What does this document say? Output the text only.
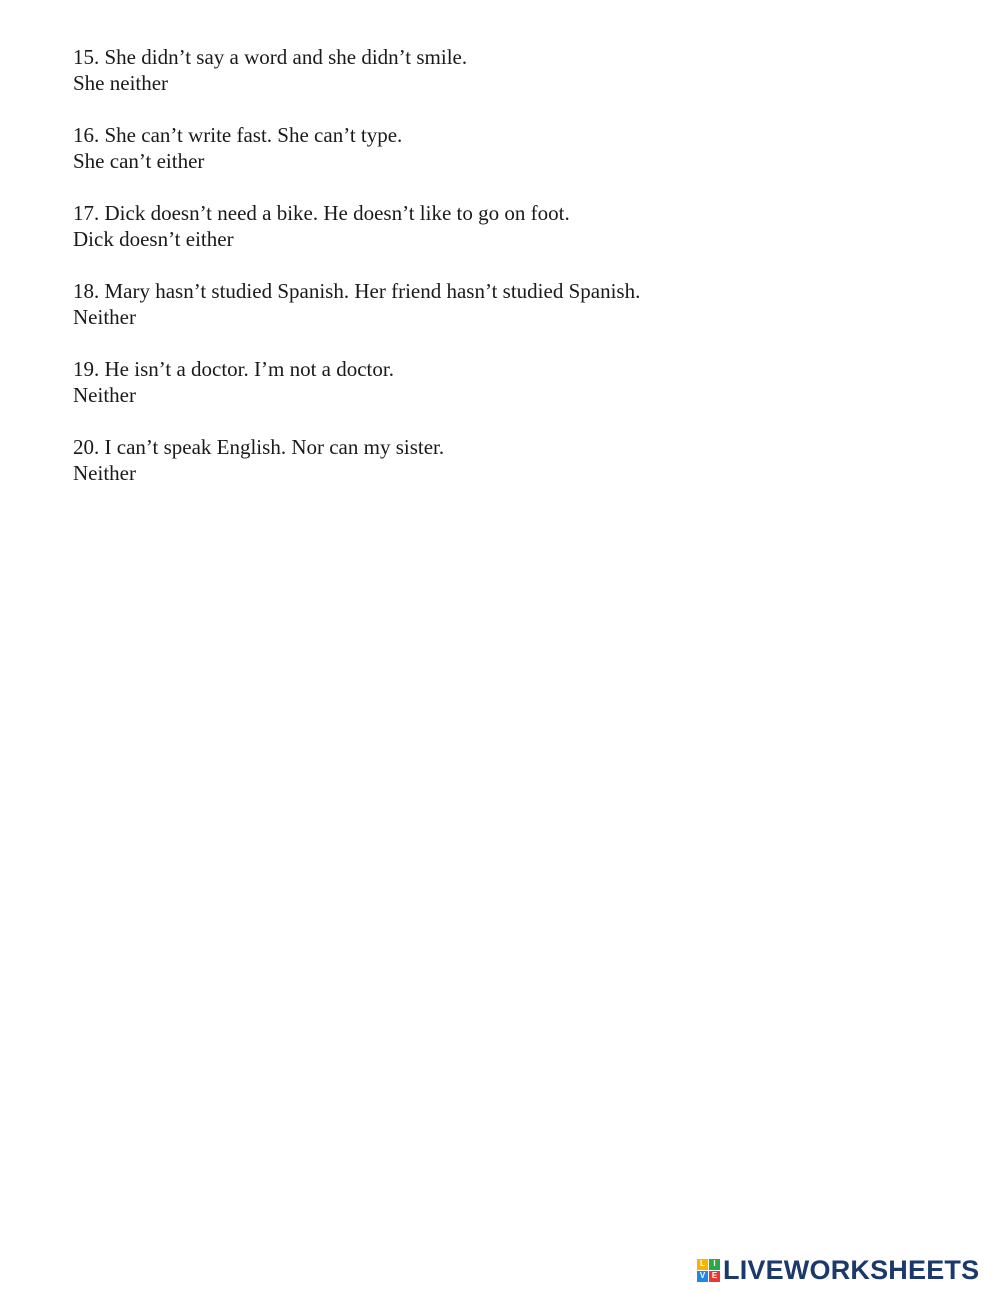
15. She didn’t say a word and she didn’t smile.
She neither
16. She can’t write fast. She can’t type.
She can’t either
17. Dick doesn’t need a bike. He doesn’t like to go on foot.
Dick doesn’t either
18. Mary hasn’t studied Spanish. Her friend hasn’t studied Spanish.
Neither
19. He isn’t a doctor. I’m not a doctor.
Neither
20. I can’t speak English. Nor can my sister.
Neither
L	I
V E LIVEWORKSHEETS
